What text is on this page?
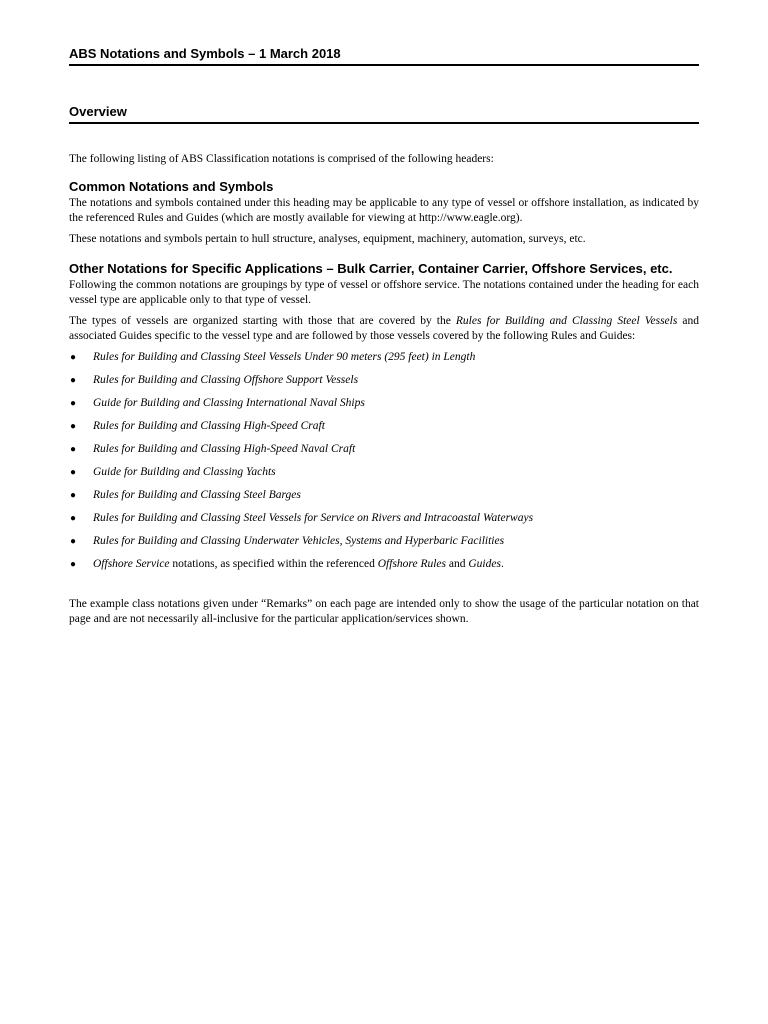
ABS Notations and Symbols – 1 March 2018
Overview

The following listing of ABS Classification notations is comprised of the following headers:

Common Notations and Symbols

The notations and symbols contained under this heading may be applicable to any type of vessel or offshore installation, as indicated by the referenced Rules and Guides (which are mostly available for viewing at http://www.eagle.org).

These notations and symbols pertain to hull structure, analyses, equipment, machinery, automation, surveys, etc.

Other Notations for Specific Applications – Bulk Carrier, Container Carrier, Offshore Services, etc.

Following the common notations are groupings by type of vessel or offshore service. The notations contained under the heading for each vessel type are applicable only to that type of vessel.

The types of vessels are organized starting with those that are covered by the Rules for Building and Classing Steel Vessels and associated Guides specific to the vessel type and are followed by those vessels covered by the following Rules and Guides:

● Rules for Building and Classing Steel Vessels Under 90 meters (295 feet) in Length
● Rules for Building and Classing Offshore Support Vessels
● Guide for Building and Classing International Naval Ships
● Rules for Building and Classing High-Speed Craft
● Rules for Building and Classing High-Speed Naval Craft
● Guide for Building and Classing Yachts
● Rules for Building and Classing Steel Barges
● Rules for Building and Classing Steel Vessels for Service on Rivers and Intracoastal Waterways
● Rules for Building and Classing Underwater Vehicles, Systems and Hyperbaric Facilities
● Offshore Service notations, as specified within the referenced Offshore Rules and Guides.

The example class notations given under “Remarks” on each page are intended only to show the usage of the particular notation on that page and are not necessarily all-inclusive for the particular application/services shown.
